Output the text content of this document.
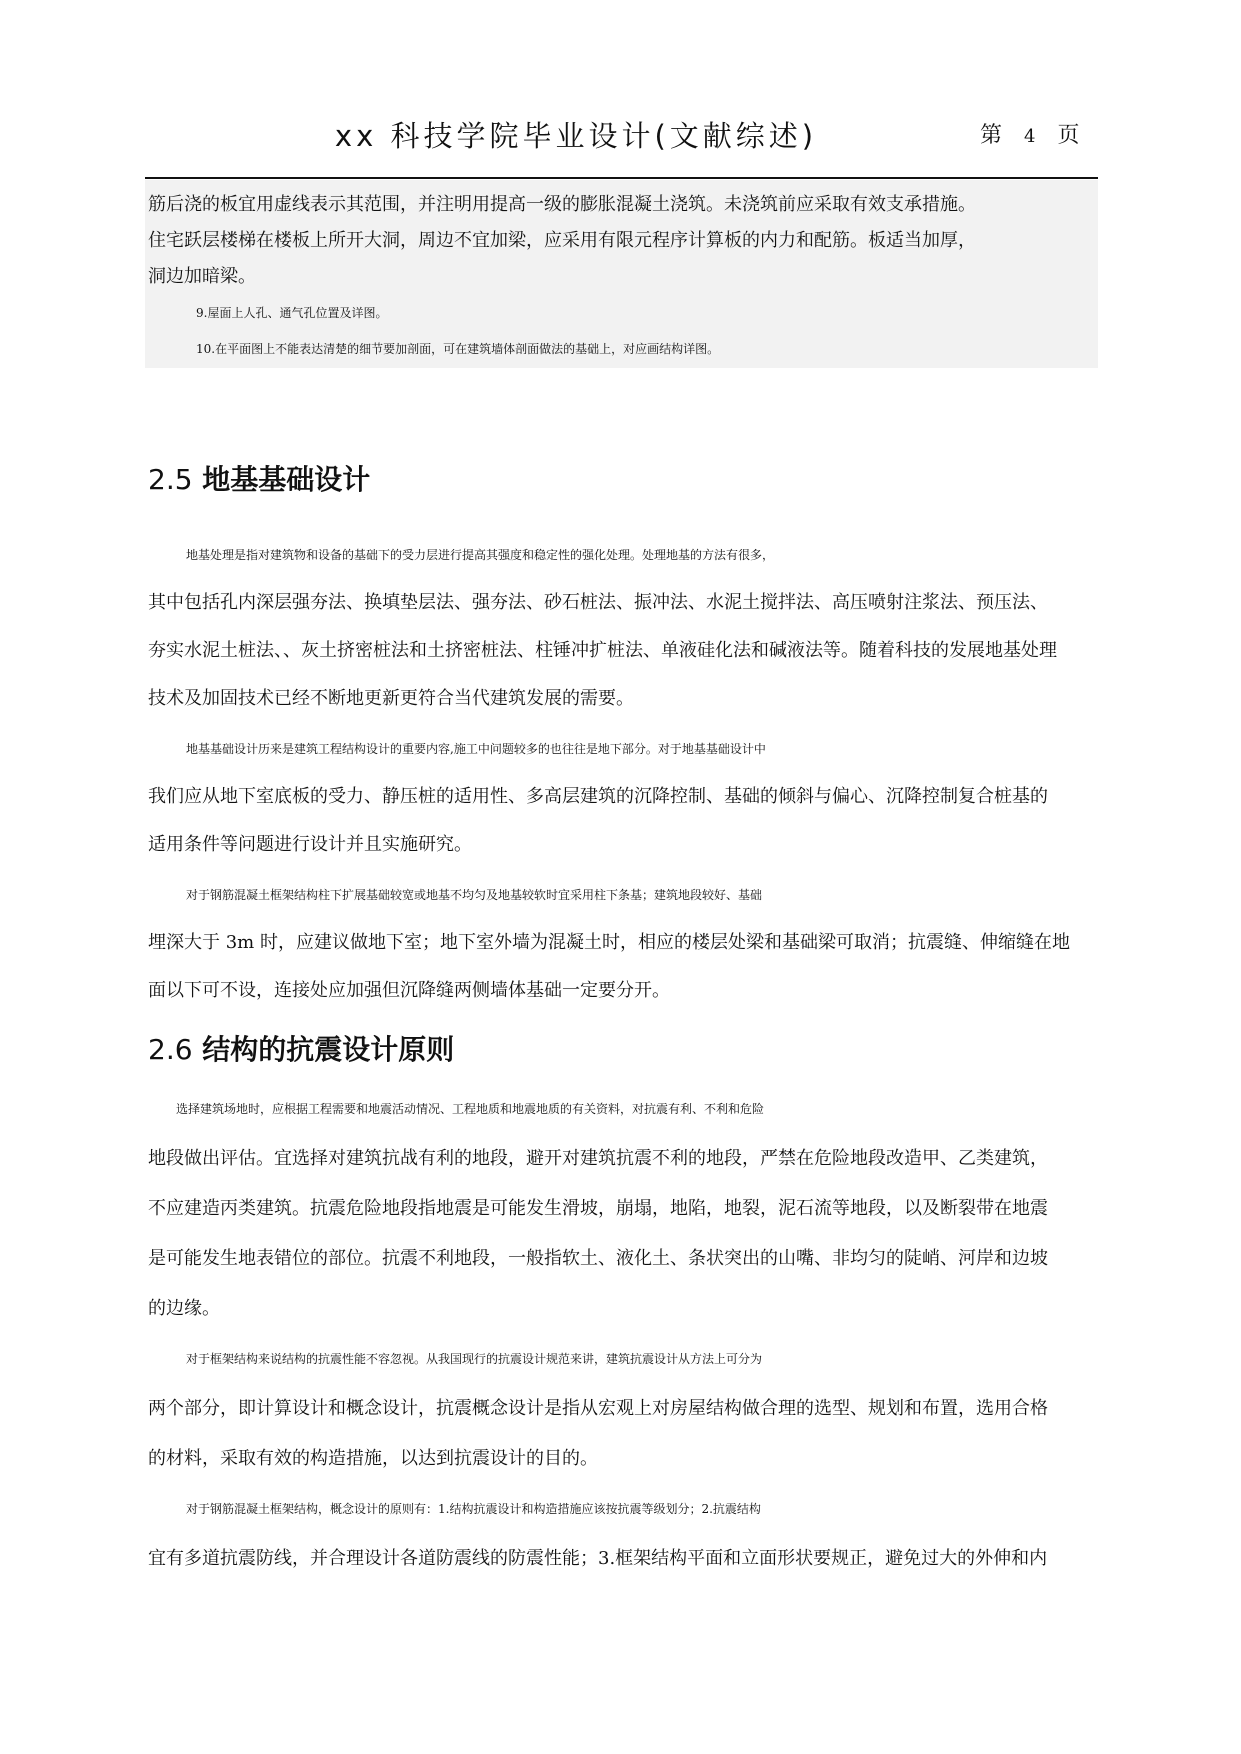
xx 科技学院毕业设计(文献综述)	第 4 页
筋后浇的板宜用虚线表示其范围，并注明用提高一级的膨胀混凝土浇筑。未浇筑前应采取有效支承措施。
住宅跃层楼梯在楼板上所开大洞，周边不宜加梁，应采用有限元程序计算板的内力和配筋。板适当加厚，
洞边加暗梁。
9.屋面上人孔、通气孔位置及详图。
10.在平面图上不能表达清楚的细节要加剖面，可在建筑墙体剖面做法的基础上，对应画结构详图。
2.5 地基基础设计
地基处理是指对建筑物和设备的基础下的受力层进行提高其强度和稳定性的强化处理。处理地基的方法有很多，
其中包括孔内深层强夯法、换填垫层法、强夯法、砂石桩法、振冲法、水泥土搅拌法、高压喷射注浆法、预压法、
夯实水泥土桩法、、灰土挤密桩法和土挤密桩法、柱锤冲扩桩法、单液硅化法和碱液法等。随着科技的发展地基处理
技术及加固技术已经不断地更新更符合当代建筑发展的需要。
地基基础设计历来是建筑工程结构设计的重要内容,施工中问题较多的也往往是地下部分。对于地基基础设计中
我们应从地下室底板的受力、静压桩的适用性、多高层建筑的沉降控制、基础的倾斜与偏心、沉降控制复合桩基的
适用条件等问题进行设计并且实施研究。
对于钢筋混凝土框架结构柱下扩展基础较宽或地基不均匀及地基较软时宜采用柱下条基；建筑地段较好、基础
埋深大于 3m 时，应建议做地下室；地下室外墙为混凝土时，相应的楼层处梁和基础梁可取消；抗震缝、伸缩缝在地
面以下可不设，连接处应加强但沉降缝两侧墙体基础一定要分开。
2.6 结构的抗震设计原则
选择建筑场地时，应根据工程需要和地震活动情况、工程地质和地震地质的有关资料，对抗震有利、不利和危险
地段做出评估。宜选择对建筑抗战有利的地段，避开对建筑抗震不利的地段，严禁在危险地段改造甲、乙类建筑，
不应建造丙类建筑。抗震危险地段指地震是可能发生滑坡，崩塌，地陷，地裂，泥石流等地段，以及断裂带在地震
是可能发生地表错位的部位。抗震不利地段，一般指软土、液化土、条状突出的山嘴、非均匀的陡峭、河岸和边坡
的边缘。
对于框架结构来说结构的抗震性能不容忽视。从我国现行的抗震设计规范来讲，建筑抗震设计从方法上可分为
两个部分，即计算设计和概念设计，抗震概念设计是指从宏观上对房屋结构做合理的选型、规划和布置，选用合格
的材料，采取有效的构造措施，以达到抗震设计的目的。
对于钢筋混凝土框架结构，概念设计的原则有：1.结构抗震设计和构造措施应该按抗震等级划分；2.抗震结构
宜有多道抗震防线，并合理设计各道防震线的防震性能；3.框架结构平面和立面形状要规正，避免过大的外伸和内
